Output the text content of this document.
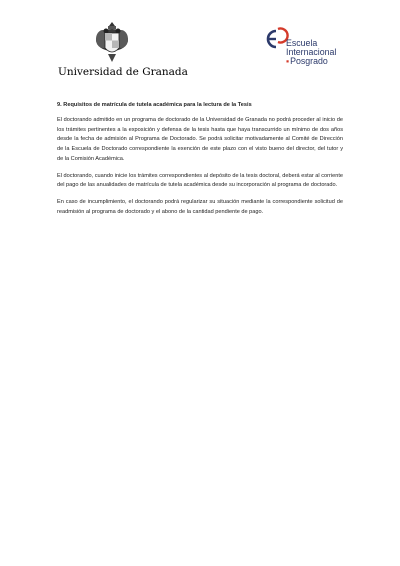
Universidad de Granada
Escuela
Internacional
▪Posgrado

9. Requisitos de matrícula de tutela académica para la lectura de la Tesis

El doctorando admitido en un programa de doctorado de la Universidad de Granada no podrá proceder al inicio de los trámites pertinentes a la exposición y defensa de la tesis hasta que haya transcurrido un mínimo de dos años desde la fecha de admisión al Programa de Doctorado. Se podrá solicitar motivadamente al Comité de Dirección de la Escuela de Doctorado correspondiente la exención de este plazo con el visto bueno del director, del tutor y de la Comisión Académica.

El doctorando, cuando inicie los trámites correspondientes al depósito de la tesis doctoral, deberá estar al corriente del pago de las anualidades de matrícula de tutela académica desde su incorporación al programa de doctorado.

En caso de incumplimiento, el doctorando podrá regularizar su situación mediante la correspondiente solicitud de readmisión al programa de doctorado y el abono de la cantidad pendiente de pago.
